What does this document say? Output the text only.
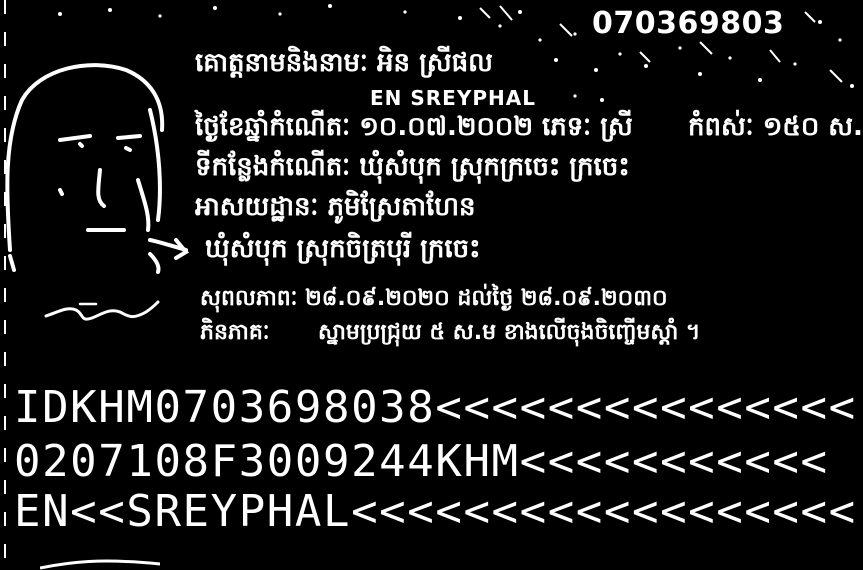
070369803
គោត្តនាមនិងនាមៈ អិន ស្រីផល
EN SREYPHAL
ថ្ងៃខែឆ្នាំកំណើតៈ ១០.០៧.២០០២ ភេទៈ ស្រី កំពស់ៈ ១៥០ ស.
ទីកន្លែងកំណើតៈ ឃុំសំបុក ស្រុកក្រចេះ ក្រចេះ
អាសយដ្ឋានៈ ភូមិស្រែតាហែន
ឃុំសំបុក ស្រុកចិត្របុរី ក្រចេះ
សុពលភាពៈ ២៨.០៩.២០២០ ដល់ថ្ងៃ ២៨.០៩.២០៣០
ភិនភាគៈ ស្នាមប្រជ្រុយ ៥ ស.ម ខាងលើចុងចិញ្ចើមស្ដាំ ។
IDKHM0703698038<<<<<<<<<<<<<<<
0207108F3009244KHM<<<<<<<<<<<
EN<<SREYPHAL<<<<<<<<<<<<<<<<<<
